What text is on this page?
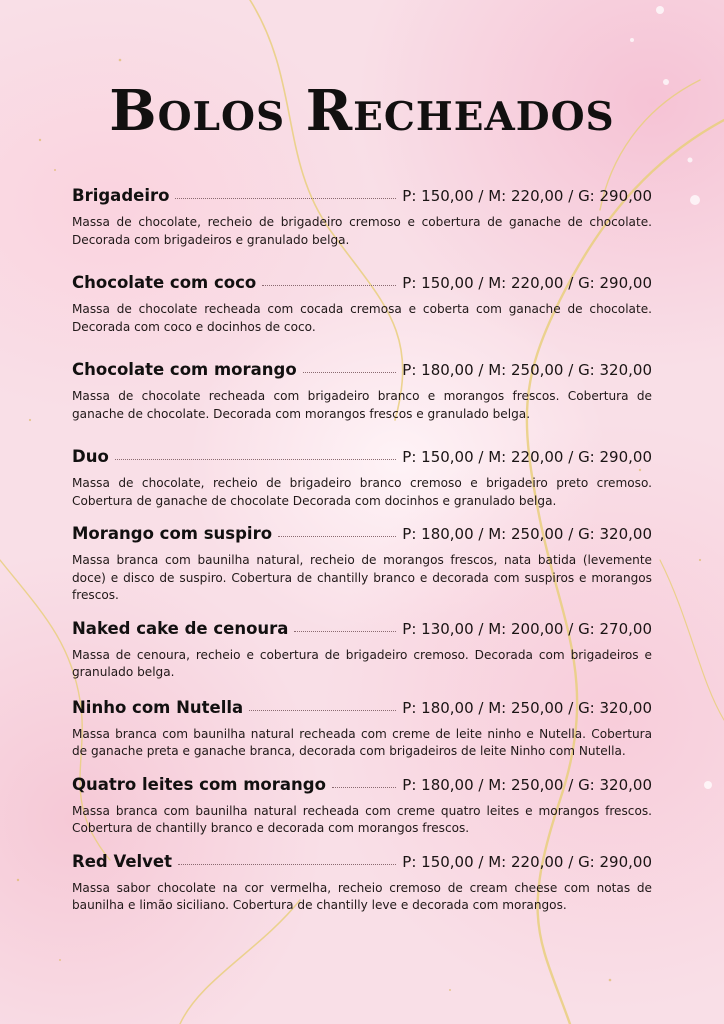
Bolos Recheados
Brigadeiro	P: 150,00 / M: 220,00 / G: 290,00

Massa de chocolate, recheio de brigadeiro cremoso e cobertura de ganache de chocolate. Decorada com brigadeiros e granulado belga.

Chocolate com coco	P: 150,00 / M: 220,00 / G: 290,00

Massa de chocolate recheada com cocada cremosa e coberta com ganache de chocolate. Decorada com coco e docinhos de coco.

Chocolate com morango	P: 180,00 / M: 250,00 / G: 320,00

Massa de chocolate recheada com brigadeiro branco e morangos frescos. Cobertura de ganache de chocolate. Decorada com morangos frescos e granulado belga.

Duo	P: 150,00 / M: 220,00 / G: 290,00

Massa de chocolate, recheio de brigadeiro branco cremoso e brigadeiro preto cremoso. Cobertura de ganache de chocolate Decorada com docinhos e granulado belga.

Morango com suspiro	P: 180,00 / M: 250,00 / G: 320,00

Massa branca com baunilha natural, recheio de morangos frescos, nata batida (levemente doce) e disco de suspiro. Cobertura de chantilly branco e decorada com suspiros e morangos frescos.

Naked cake de cenoura	P: 130,00 / M: 200,00 / G: 270,00

Massa de cenoura, recheio e cobertura de brigadeiro cremoso. Decorada com brigadeiros e granulado belga.

Ninho com Nutella	P: 180,00 / M: 250,00 / G: 320,00

Massa branca com baunilha natural recheada com creme de leite ninho e Nutella. Cobertura de ganache preta e ganache branca, decorada com brigadeiros de leite Ninho com Nutella.

Quatro leites com morango	P: 180,00 / M: 250,00 / G: 320,00

Massa branca com baunilha natural recheada com creme quatro leites e morangos frescos. Cobertura de chantilly branco e decorada com morangos frescos.

Red Velvet	P: 150,00 / M: 220,00 / G: 290,00

Massa sabor chocolate na cor vermelha, recheio cremoso de cream cheese com notas de baunilha e limão siciliano. Cobertura de chantilly leve e decorada com morangos.
